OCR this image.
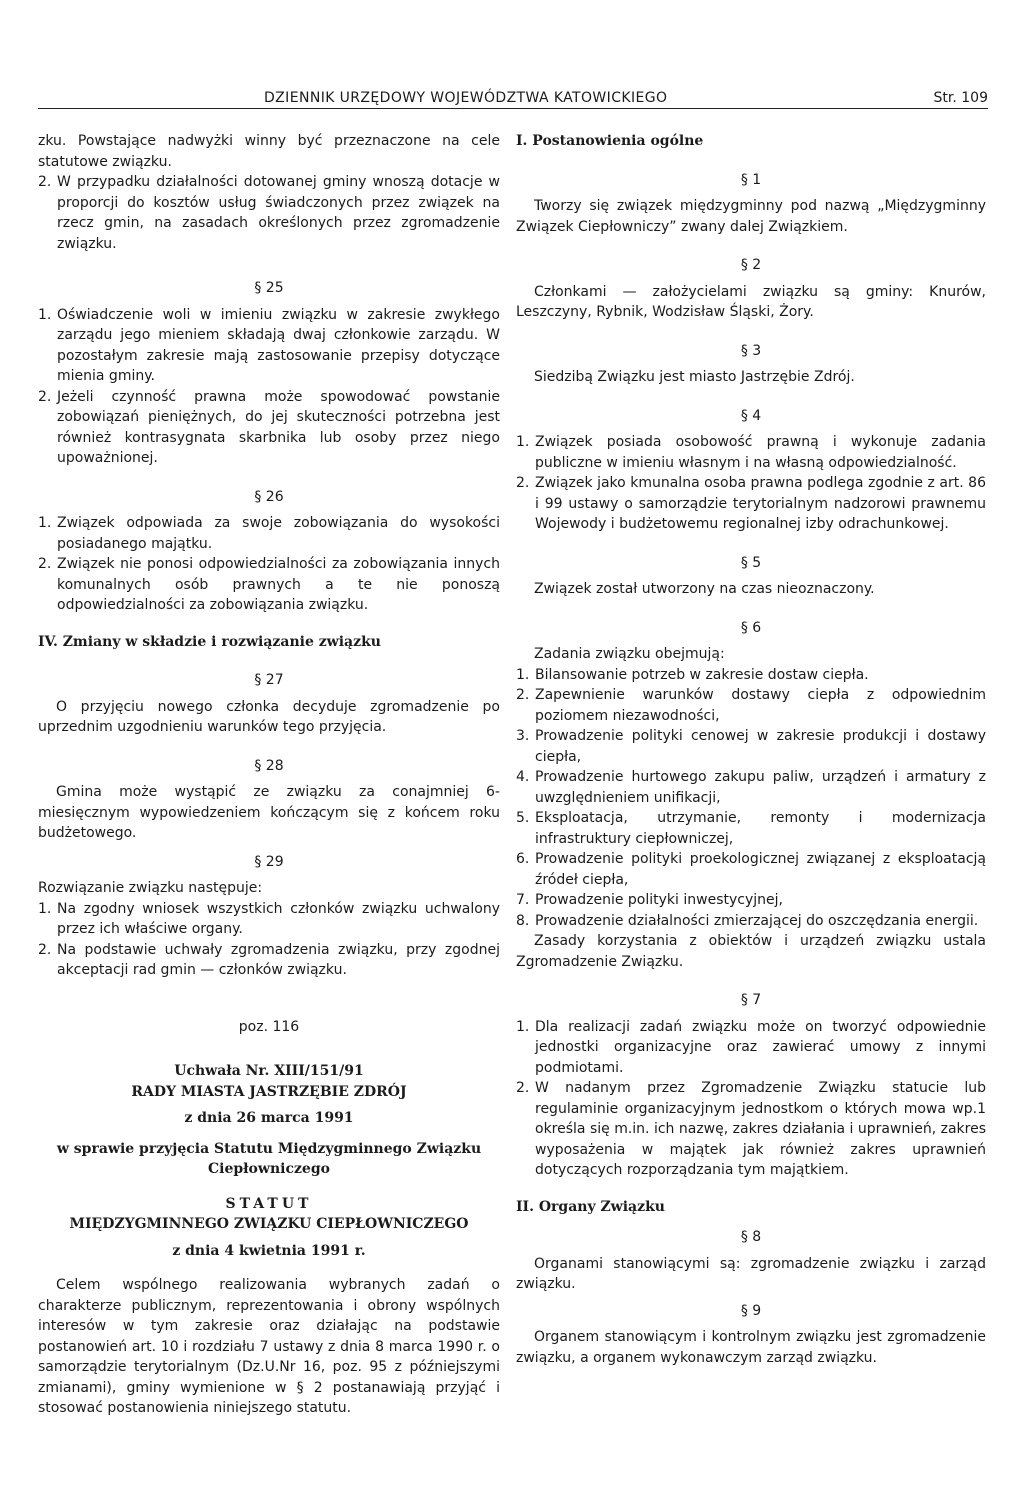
DZIENNIK URZĘDOWY WOJEWÓDZTWA KATOWICKIEGO	Str. 109

zku. Powstające nadwyżki winny być przeznaczone na cele statutowe związku.

2. W przypadku działalności dotowanej gminy wnoszą dotacje w proporcji do kosztów usług świadczonych przez związek na rzecz gmin, na zasadach określonych przez zgromadzenie związku.
§ 25
1. Oświadczenie woli w imieniu związku w zakresie zwykłego zarządu jego mieniem składają dwaj członkowie zarządu. W pozostałym zakresie mają zastosowanie przepisy dotyczące mienia gminy.
2. Jeżeli czynność prawna może spowodować powstanie zobowiązań pieniężnych, do jej skuteczności potrzebna jest również kontrasygnata skarbnika lub osoby przez niego upoważnionej.
§ 26
1. Związek odpowiada za swoje zobowiązania do wysokości posiadanego majątku.
2. Związek nie ponosi odpowiedzialności za zobowiązania innych komunalnych osób prawnych a te nie ponoszą odpowiedzialności za zobowiązania związku.
IV. Zmiany w składzie i rozwiązanie związku
§ 27

O przyjęciu nowego członka decyduje zgromadzenie po uprzednim uzgodnieniu warunków tego przyjęcia.

§ 28

Gmina może wystąpić ze związku za conajmniej 6-miesięcznym wypowiedzeniem kończącym się z końcem roku budżetowego.

§ 29

Rozwiązanie związku następuje:

1. Na zgodny wniosek wszystkich członków związku uchwalony przez ich właściwe organy.
2. Na podstawie uchwały zgromadzenia związku, przy zgodnej akceptacji rad gmin — członków związku.
poz. 116
Uchwała Nr. XIII/151/91
RADY MIASTA JASTRZĘBIE ZDRÓJ
z dnia 26 marca 1991

w sprawie przyjęcia Statutu Międzygminnego Związku Ciepłowniczego

STATUT
MIĘDZYGMINNEGO ZWIĄZKU CIEPŁOWNICZEGO
z dnia 4 kwietnia 1991 r.

Celem wspólnego realizowania wybranych zadań o charakterze publicznym, reprezentowania i obrony wspólnych interesów w tym zakresie oraz działając na podstawie postanowień art. 10 i rozdziału 7 ustawy z dnia 8 marca 1990 r. o samorządzie terytorialnym (Dz.U.Nr 16, poz. 95 z późniejszymi zmianami), gminy wymienione w § 2 postanawiają przyjąć i stosować postanowienia niniejszego statutu.

I. Postanowienia ogólne
§ 1

Tworzy się związek międzygminny pod nazwą „Międzygminny Związek Ciepłowniczy” zwany dalej Związkiem.

§ 2

Członkami — założycielami związku są gminy: Knurów, Leszczyny, Rybnik, Wodzisław Śląski, Żory.

§ 3

Siedzibą Związku jest miasto Jastrzębie Zdrój.

§ 4
1. Związek posiada osobowość prawną i wykonuje zadania publiczne w imieniu własnym i na własną odpowiedzialność.
2. Związek jako kmunalna osoba prawna podlega zgodnie z art. 86 i 99 ustawy o samorządzie terytorialnym nadzorowi prawnemu Wojewody i budżetowemu regionalnej izby odrachunkowej.
§ 5

Związek został utworzony na czas nieoznaczony.

§ 6

Zadania związku obejmują:

1. Bilansowanie potrzeb w zakresie dostaw ciepła.
2. Zapewnienie warunków dostawy ciepła z odpowiednim poziomem niezawodności,
3. Prowadzenie polityki cenowej w zakresie produkcji i dostawy ciepła,
4. Prowadzenie hurtowego zakupu paliw, urządzeń i armatury z uwzględnieniem unifikacji,
5. Eksploatacja, utrzymanie, remonty i modernizacja infrastruktury ciepłowniczej,
6. Prowadzenie polityki proekologicznej związanej z eksploatacją źródeł ciepła,
7. Prowadzenie polityki inwestycyjnej,
8. Prowadzenie działalności zmierzającej do oszczędzania energii.

Zasady korzystania z obiektów i urządzeń związku ustala Zgromadzenie Związku.

§ 7
1. Dla realizacji zadań związku może on tworzyć odpowiednie jednostki organizacyjne oraz zawierać umowy z innymi podmiotami.
2. W nadanym przez Zgromadzenie Związku statucie lub regulaminie organizacyjnym jednostkom o których mowa wp.1 określa się m.in. ich nazwę, zakres działania i uprawnień, zakres wyposażenia w majątek jak również zakres uprawnień dotyczących rozporządzania tym majątkiem.
II. Organy Związku
§ 8

Organami stanowiącymi są: zgromadzenie związku i zarząd związku.

§ 9

Organem stanowiącym i kontrolnym związku jest zgromadzenie związku, a organem wykonawczym zarząd związku.
